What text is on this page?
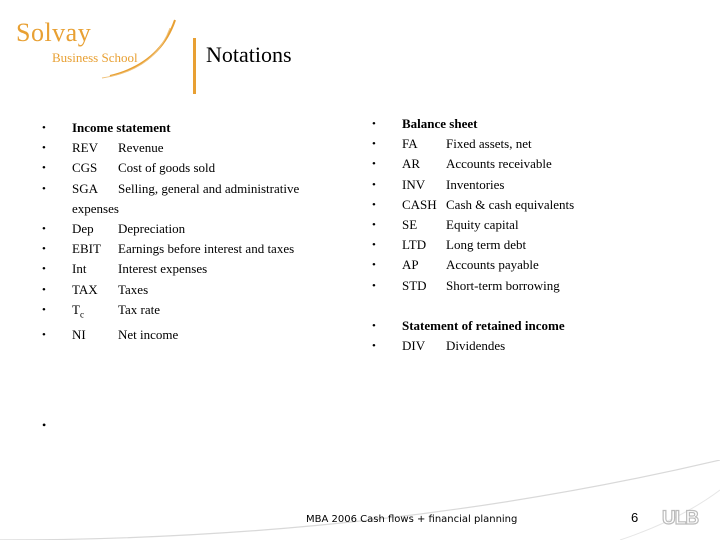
Solvay
Business School	Notations
• Income statement
• REV Revenue
• CGS Cost of goods sold
• SGA Selling, general and administrative
expenses
• Dep Depreciation
• EBIT Earnings before interest and taxes
• Int Interest expenses
• TAX Taxes
• $T_c$	Tax rate
• NI Net income
• Balance sheet
• FA Fixed assets, net
• AR Accounts receivable
• INV Inventories
• CASH Cash & cash equivalents
• SE Equity capital
• LTD Long term debt
• AP Accounts payable
• STD Short-term borrowing
• Statement of retained income
• DIV Dividendes
•
MBA 2006 Cash flows + financial planning	6 ULB
